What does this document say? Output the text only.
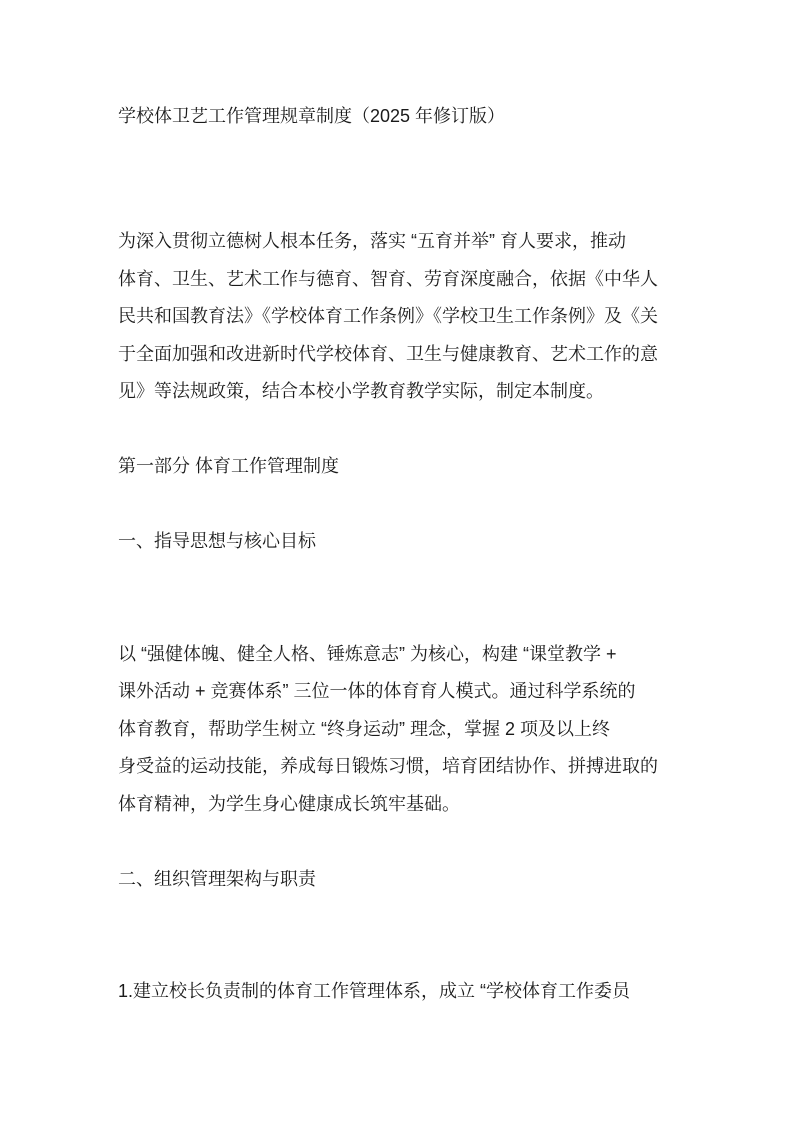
学校体卫艺工作管理规章制度（2025 年修订版）
为深入贯彻立德树人根本任务，落实 “五育并举” 育人要求，推动
体育、卫生、艺术工作与德育、智育、劳育深度融合，依据《中华人
民共和国教育法》《学校体育工作条例》《学校卫生工作条例》及《关
于全面加强和改进新时代学校体育、卫生与健康教育、艺术工作的意
见》等法规政策，结合本校小学教育教学实际，制定本制度。
第一部分 体育工作管理制度
一、指导思想与核心目标
以 “强健体魄、健全人格、锤炼意志” 为核心，构建 “课堂教学 +
课外活动 + 竞赛体系” 三位一体的体育育人模式。通过科学系统的
体育教育，帮助学生树立 “终身运动” 理念，掌握 2 项及以上终
身受益的运动技能，养成每日锻炼习惯，培育团结协作、拼搏进取的
体育精神，为学生身心健康成长筑牢基础。
二、组织管理架构与职责
1.建立校长负责制的体育工作管理体系，成立 “学校体育工作委员
